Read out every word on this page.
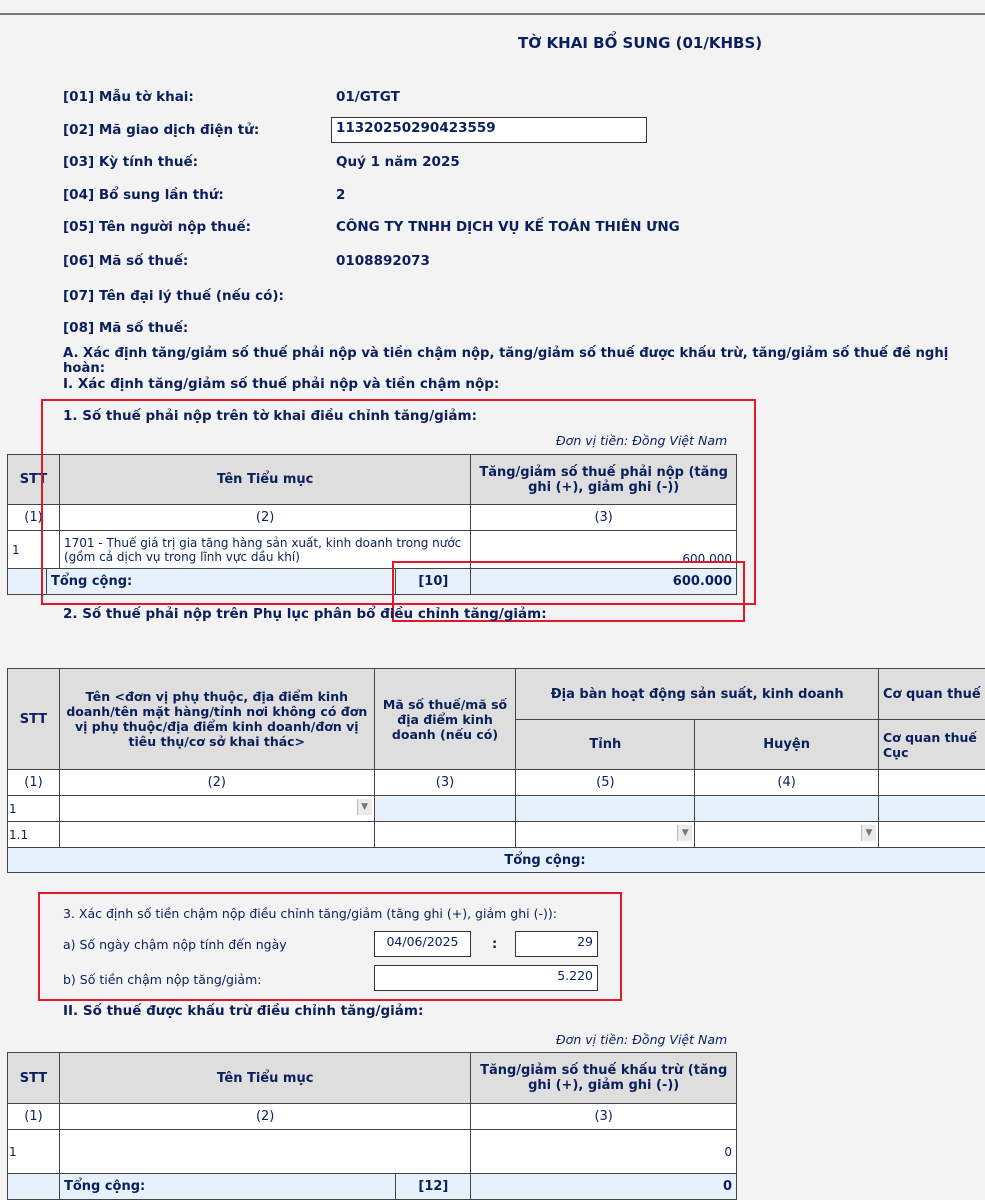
TỜ KHAI BỔ SUNG (01/KHBS)
[01] Mẫu tờ khai:	01/GTGT
[02] Mã giao dịch điện tử:	11320250290423559
[03] Kỳ tính thuế:	Quý 1 năm 2025
[04] Bổ sung lần thứ:	2
[05] Tên người nộp thuế:	CÔNG TY TNHH DỊCH VỤ KẾ TOÁN THIÊN ƯNG
[06] Mã số thuế:	0108892073
[07] Tên đại lý thuế (nếu có):
[08] Mã số thuế:
A. Xác định tăng/giảm số thuế phải nộp và tiền chậm nộp, tăng/giảm số thuế được khấu trừ, tăng/giảm số thuế đề nghị hoàn:
I. Xác định tăng/giảm số thuế phải nộp và tiền chậm nộp:
1. Số thuế phải nộp trên tờ khai điều chỉnh tăng/giảm:
Đơn vị tiền: Đồng Việt Nam
STT		Tên Tiểu mục		Tăng/giảm số thuế phải nộp (tăng ghi (+), giảm ghi (-))
(1)		(2)		(3)
1		1701 - Thuế giá trị gia tăng hàng sản xuất, kinh doanh trong nước (gồm cả dịch vụ trong lĩnh vực dầu khí)		600.000
	Tổng cộng:		[10]	600.000
2. Số thuế phải nộp trên Phụ lục phân bổ điều chỉnh tăng/giảm:
STT	Tên <đơn vị phụ thuộc, địa điểm kinh doanh/tên mặt hàng/tỉnh nơi không có đơn vị phụ thuộc/địa điểm kinh doanh/đơn vị tiêu thụ/cơ sở khai thác>	Mã số thuế/mã số địa điểm kinh doanh (nếu có)	Địa bàn hoạt động sản suất, kinh doanh		Cơ quan thuế
			Tỉnh	Huyện	Cơ quan thuế Cục
(1)	(2)	(3)	(5)	(4)	
1	▼				

1.1			▼	▼	

Tổng cộng:					
3. Xác định số tiền chậm nộp điều chỉnh tăng/giảm (tăng ghi (+), giảm ghi (-)):
a) Số ngày chậm nộp tính đến ngày	04/06/2025	:	29
b) Số tiền chậm nộp tăng/giảm:	5.220
II. Số thuế được khấu trừ điều chỉnh tăng/giảm:
Đơn vị tiền: Đồng Việt Nam
STT	Tên Tiểu mục		Tăng/giảm số thuế khấu trừ (tăng ghi (+), giảm ghi (-))
(1)	(2)		(3)
1			0
	Tổng cộng:	[12]	0
